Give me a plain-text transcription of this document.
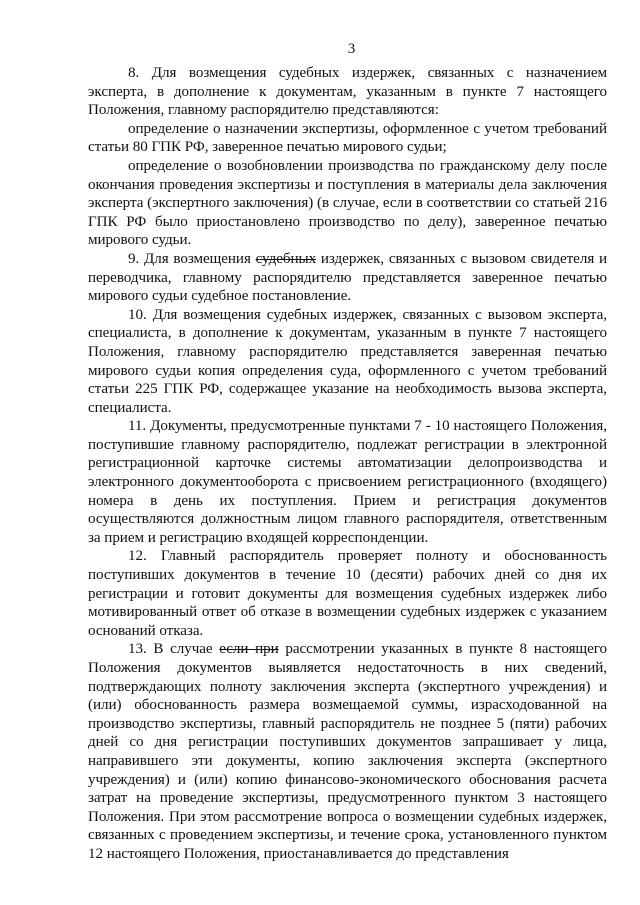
3

8. Для возмещения судебных издержек, связанных с назначением эксперта, в дополнение к документам, указанным в пункте 7 настоящего Положения, главному распорядителю представляются:

определение о назначении экспертизы, оформленное с учетом требований статьи 80 ГПК РФ, заверенное печатью мирового судьи;

определение о возобновлении производства по гражданскому делу после окончания проведения экспертизы и поступления в материалы дела заключения эксперта (экспертного заключения) (в случае, если в соответствии со статьей 216 ГПК РФ было приостановлено производство по делу), заверенное печатью мирового судьи.

9. Для возмещения судебных издержек, связанных с вызовом свидетеля и переводчика, главному распорядителю представляется заверенное печатью мирового судьи судебное постановление.

10. Для возмещения судебных издержек, связанных с вызовом эксперта, специалиста, в дополнение к документам, указанным в пункте 7 настоящего Положения, главному распорядителю представляется заверенная печатью мирового судьи копия определения суда, оформленного с учетом требований статьи 225 ГПК РФ, содержащее указание на необходимость вызова эксперта, специалиста.

11. Документы, предусмотренные пунктами 7 - 10 настоящего Положения, поступившие главному распорядителю, подлежат регистрации в электронной регистрационной карточке системы автоматизации делопроизводства и электронного документооборота с присвоением регистрационного (входящего) номера в день их поступления. Прием и регистрация документов осуществляются должностным лицом главного распорядителя, ответственным за прием и регистрацию входящей корреспонденции.

12. Главный распорядитель проверяет полноту и обоснованность поступивших документов в течение 10 (десяти) рабочих дней со дня их регистрации и готовит документы для возмещения судебных издержек либо мотивированный ответ об отказе в возмещении судебных издержек с указанием оснований отказа.

13. В случае если при рассмотрении указанных в пункте 8 настоящего Положения документов выявляется недостаточность в них сведений, подтверждающих полноту заключения эксперта (экспертного учреждения) и (или) обоснованность размера возмещаемой суммы, израсходованной на производство экспертизы, главный распорядитель не позднее 5 (пяти) рабочих дней со дня регистрации поступивших документов запрашивает у лица, направившего эти документы, копию заключения эксперта (экспертного учреждения) и (или) копию финансово-экономического обоснования расчета затрат на проведение экспертизы, предусмотренного пунктом 3 настоящего Положения. При этом рассмотрение вопроса о возмещении судебных издержек, связанных с проведением экспертизы, и течение срока, установленного пунктом 12 настоящего Положения, приостанавливается до представления
